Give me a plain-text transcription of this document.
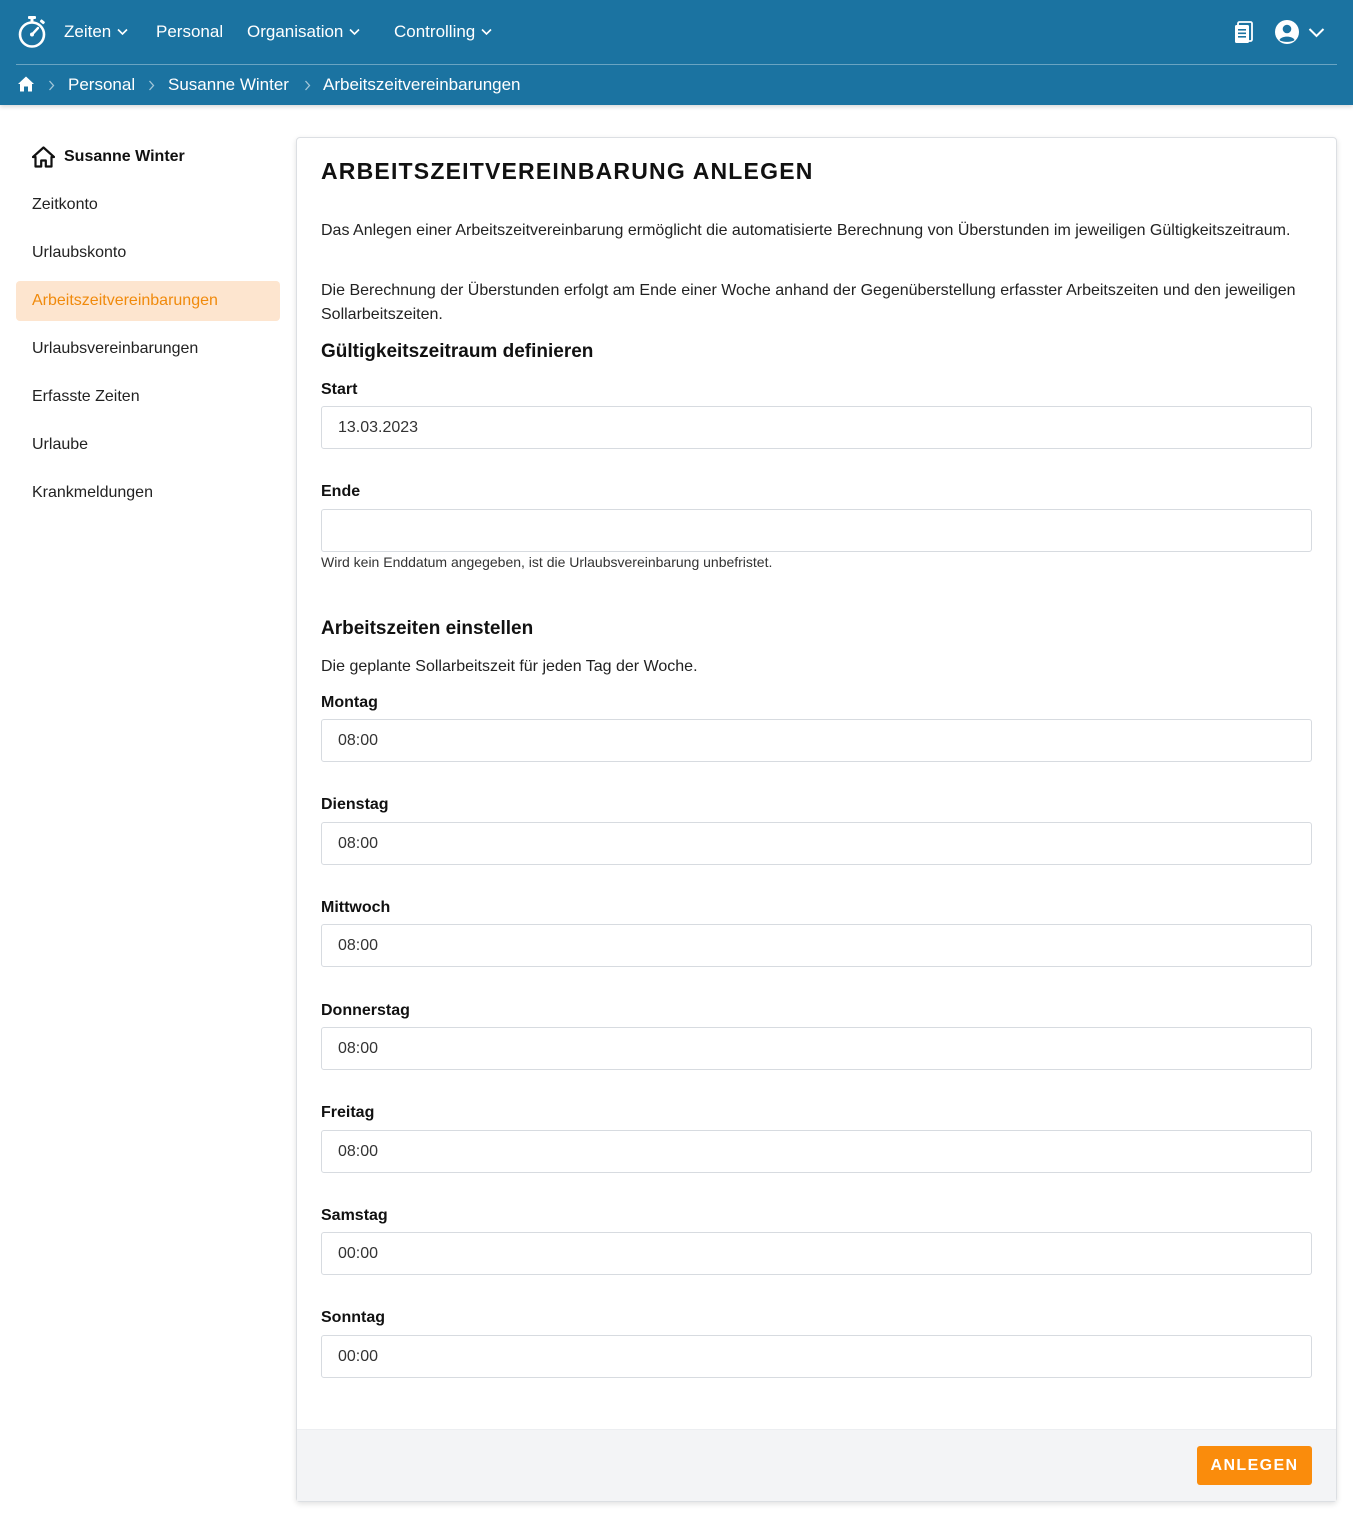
Zeiten	Personal Organisation	Controlling
Personal Susanne Winter Arbeitszeitvereinbarungen
Susanne Winter
Zeitkonto
Urlaubskonto
Arbeitszeitvereinbarungen
Urlaubsvereinbarungen
Erfasste Zeiten
Urlaube
Krankmeldungen
ARBEITSZEITVEREINBARUNG ANLEGEN
Das Anlegen einer Arbeitszeitvereinbarung ermöglicht die automatisierte Berechnung von Überstunden im jeweiligen Gültigkeitszeitraum.
Die Berechnung der Überstunden erfolgt am Ende einer Woche anhand der Gegenüberstellung erfasster Arbeitszeiten und den jeweiligen Sollarbeitszeiten.
Gültigkeitszeitraum definieren
Start
13.03.2023
Ende
Wird kein Enddatum angegeben, ist die Urlaubsvereinbarung unbefristet.
Arbeitszeiten einstellen
Die geplante Sollarbeitszeit für jeden Tag der Woche.
Montag
08:00
Dienstag
08:00
Mittwoch
08:00
Donnerstag
08:00
Freitag
08:00
Samstag
00:00
Sonntag
00:00
ANLEGEN
